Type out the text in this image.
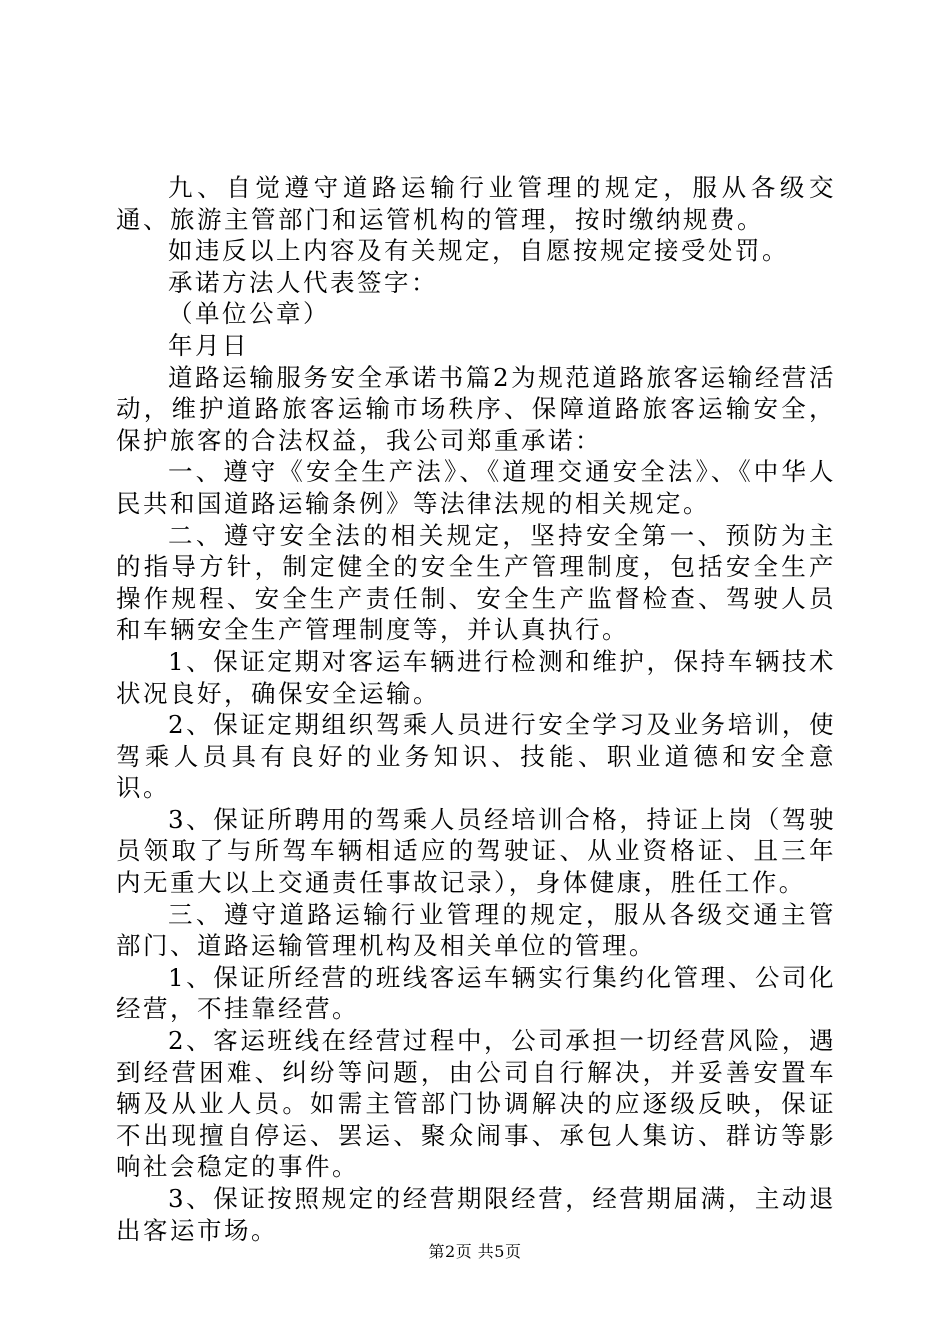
九、自觉遵守道路运输行业管理的规定，服从各级交通、旅游主管部门和运管机构的管理，按时缴纳规费。

如违反以上内容及有关规定，自愿按规定接受处罚。

承诺方法人代表签字：

（单位公章）

年月日

道路运输服务安全承诺书篇2为规范道路旅客运输经营活动，维护道路旅客运输市场秩序、保障道路旅客运输安全，保护旅客的合法权益，我公司郑重承诺：

一、遵守《安全生产法》、《道理交通安全法》、《中华人民共和国道路运输条例》等法律法规的相关规定。

二、遵守安全法的相关规定，坚持安全第一、预防为主的指导方针，制定健全的安全生产管理制度，包括安全生产操作规程、安全生产责任制、安全生产监督检查、驾驶人员和车辆安全生产管理制度等，并认真执行。

1、保证定期对客运车辆进行检测和维护，保持车辆技术状况良好，确保安全运输。

2、保证定期组织驾乘人员进行安全学习及业务培训，使驾乘人员具有良好的业务知识、技能、职业道德和安全意识。

3、保证所聘用的驾乘人员经培训合格，持证上岗（驾驶员领取了与所驾车辆相适应的驾驶证、从业资格证、且三年内无重大以上交通责任事故记录），身体健康，胜任工作。

三、遵守道路运输行业管理的规定，服从各级交通主管部门、道路运输管理机构及相关单位的管理。

1、保证所经营的班线客运车辆实行集约化管理、公司化经营，不挂靠经营。

2、客运班线在经营过程中，公司承担一切经营风险，遇到经营困难、纠纷等问题，由公司自行解决，并妥善安置车辆及从业人员。如需主管部门协调解决的应逐级反映，保证不出现擅自停运、罢运、聚众闹事、承包人集访、群访等影响社会稳定的事件。

3、保证按照规定的经营期限经营，经营期届满，主动退出客运市场。

第2页 共5页
